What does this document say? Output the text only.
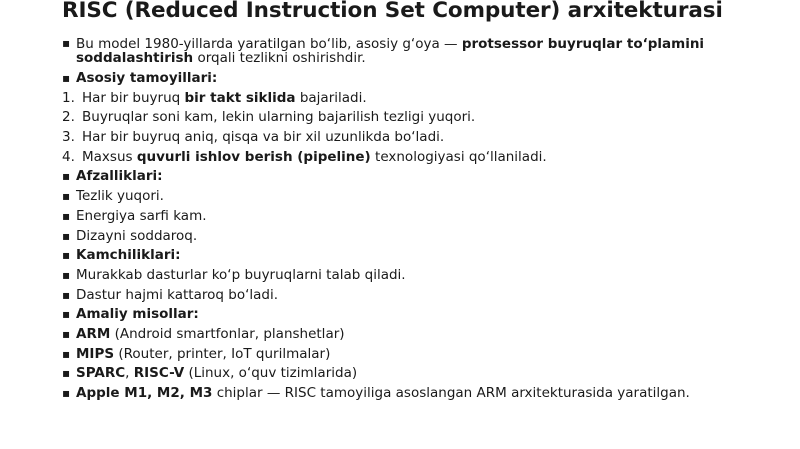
RISC (Reduced Instruction Set Computer) arxitekturasi
▪
Bu model 1980-yillarda yaratilgan bo‘lib, asosiy g‘oya — protsessor buyruqlar to‘plamini soddalashtirish orqali tezlikni oshirishdir.
▪
Asosiy tamoyillari:
1. Har bir buyruq bir takt siklida bajariladi.
2. Buyruqlar soni kam, lekin ularning bajarilish tezligi yuqori.
3. Har bir buyruq aniq, qisqa va bir xil uzunlikda bo‘ladi.
4. Maxsus quvurli ishlov berish (pipeline) texnologiyasi qo‘llaniladi.
▪
Afzalliklari:
▪
Tezlik yuqori.
▪
Energiya sarfi kam.
▪
Dizayni soddaroq.
▪
Kamchiliklari:
▪
Murakkab dasturlar ko‘p buyruqlarni talab qiladi.
▪
Dastur hajmi kattaroq bo‘ladi.
▪
Amaliy misollar:
▪
ARM (Android smartfonlar, planshetlar)
▪
MIPS (Router, printer, IoT qurilmalar)
▪
SPARC, RISC-V (Linux, o‘quv tizimlarida)
▪
Apple M1, M2, M3 chiplar — RISC tamoyiliga asoslangan ARM arxitekturasida yaratilgan.
